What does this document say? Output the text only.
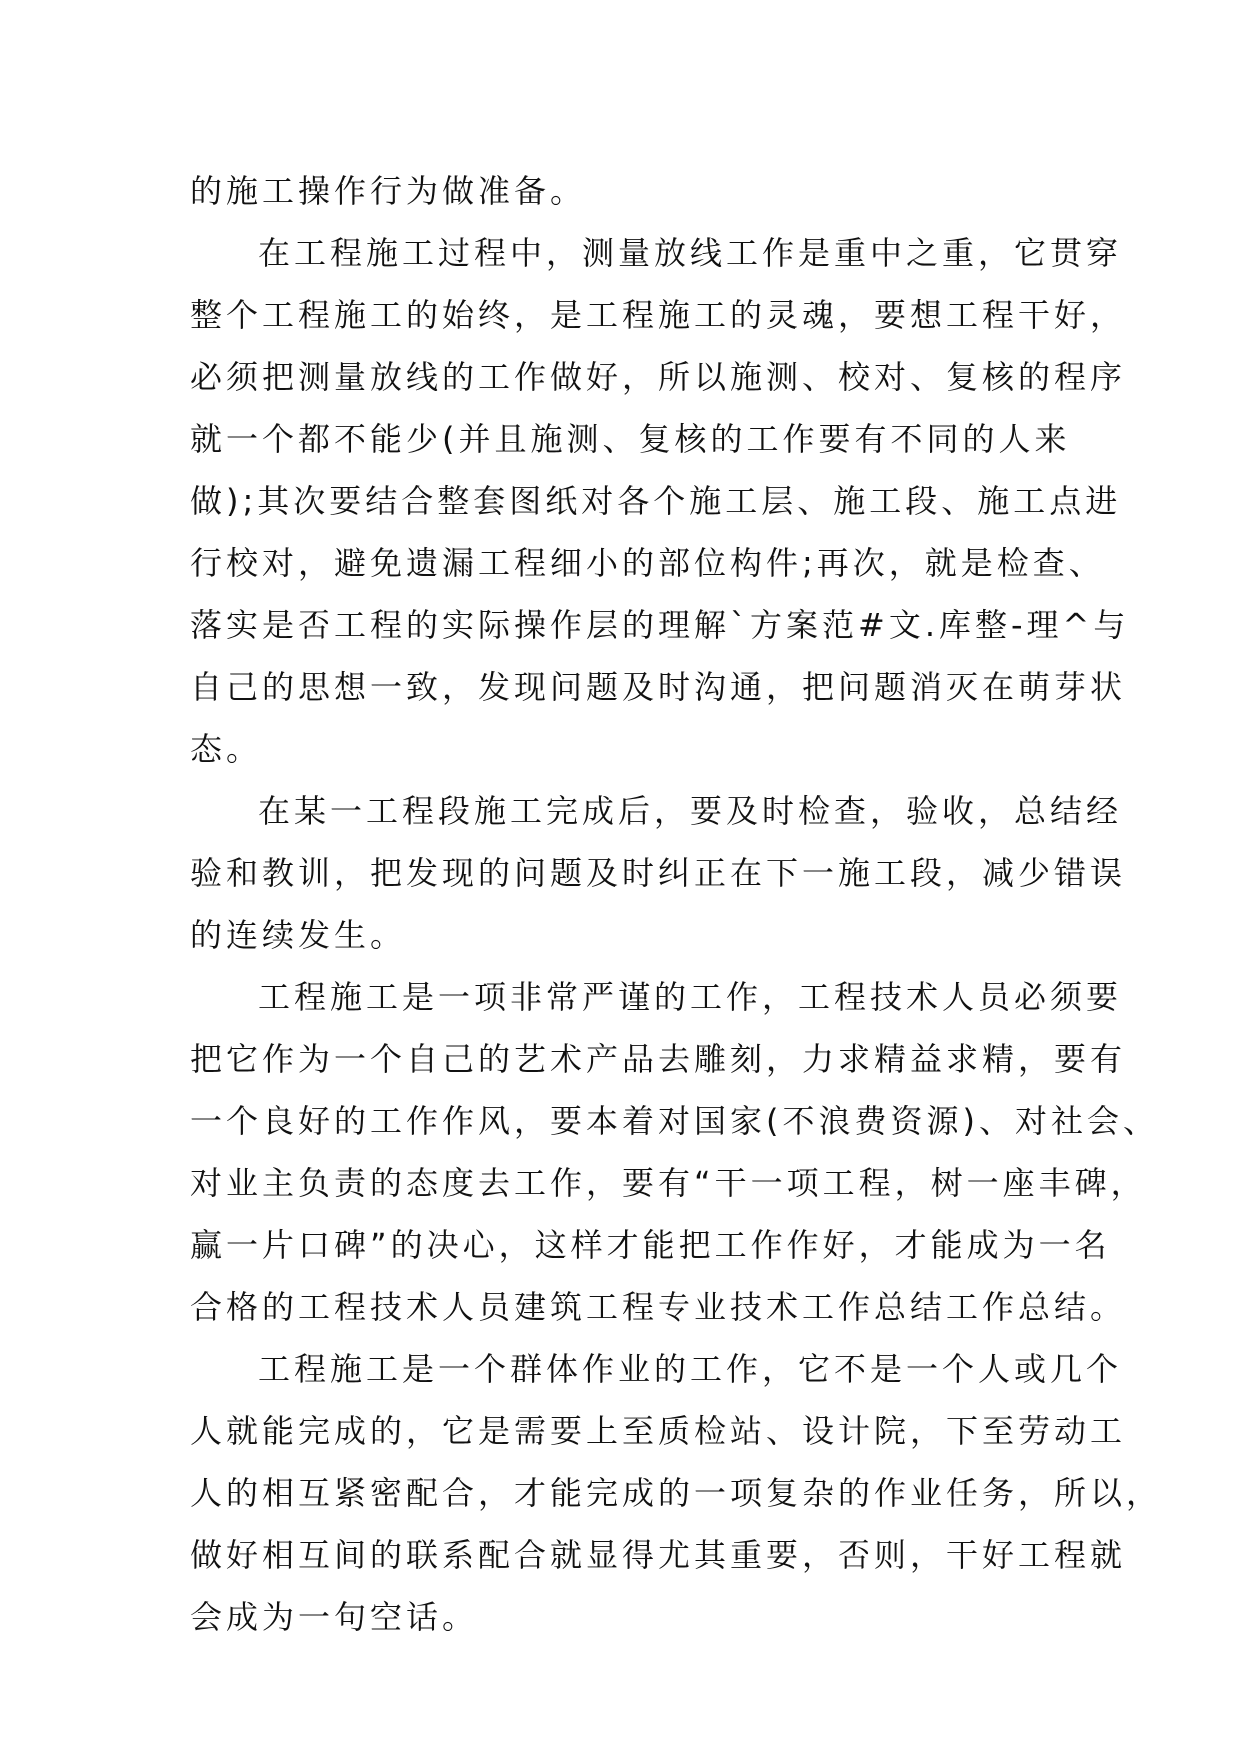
的施工操作行为做准备。
在工程施工过程中，测量放线工作是重中之重，它贯穿
整个工程施工的始终，是工程施工的灵魂，要想工程干好，
必须把测量放线的工作做好，所以施测、校对、复核的程序
就一个都不能少(并且施测、复核的工作要有不同的人来
做);其次要结合整套图纸对各个施工层、施工段、施工点进
行校对，避免遗漏工程细小的部位构件;再次，就是检查、
落实是否工程的实际操作层的理解`方案范#文.库整-理^与
自己的思想一致，发现问题及时沟通，把问题消灭在萌芽状
态。
在某一工程段施工完成后，要及时检查，验收，总结经
验和教训，把发现的问题及时纠正在下一施工段，减少错误
的连续发生。
工程施工是一项非常严谨的工作，工程技术人员必须要
把它作为一个自己的艺术产品去雕刻，力求精益求精，要有
一个良好的工作作风，要本着对国家(不浪费资源)、对社会、
对业主负责的态度去工作，要有“干一项工程，树一座丰碑，
赢一片口碑”的决心，这样才能把工作作好，才能成为一名
合格的工程技术人员建筑工程专业技术工作总结工作总结。
工程施工是一个群体作业的工作，它不是一个人或几个
人就能完成的，它是需要上至质检站、设计院，下至劳动工
人的相互紧密配合，才能完成的一项复杂的作业任务，所以，
做好相互间的联系配合就显得尤其重要，否则，干好工程就
会成为一句空话。
